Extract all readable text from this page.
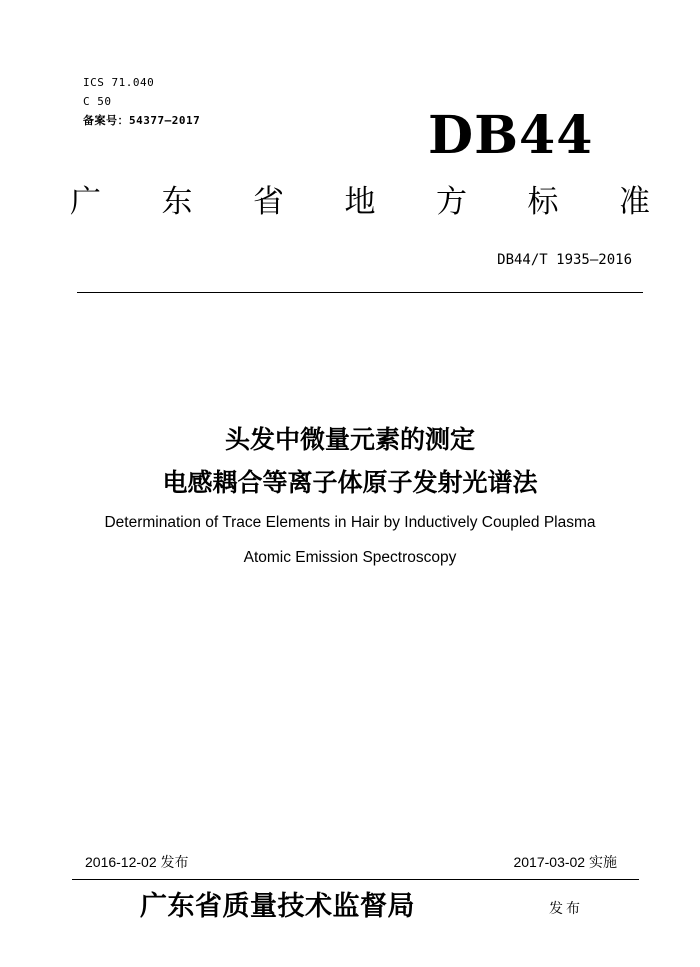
ICS 71.040
C 50
备案号：54377—2017	DB44
广 东 省 地 方 标 准
DB44/T 1935—2016
头发中微量元素的测定
电感耦合等离子体原子发射光谱法
Determination of Trace Elements in Hair by Inductively Coupled Plasma
Atomic Emission Spectroscopy
2016-12-02 发布	2017-03-02 实施
广东省质量技术监督局	发布
